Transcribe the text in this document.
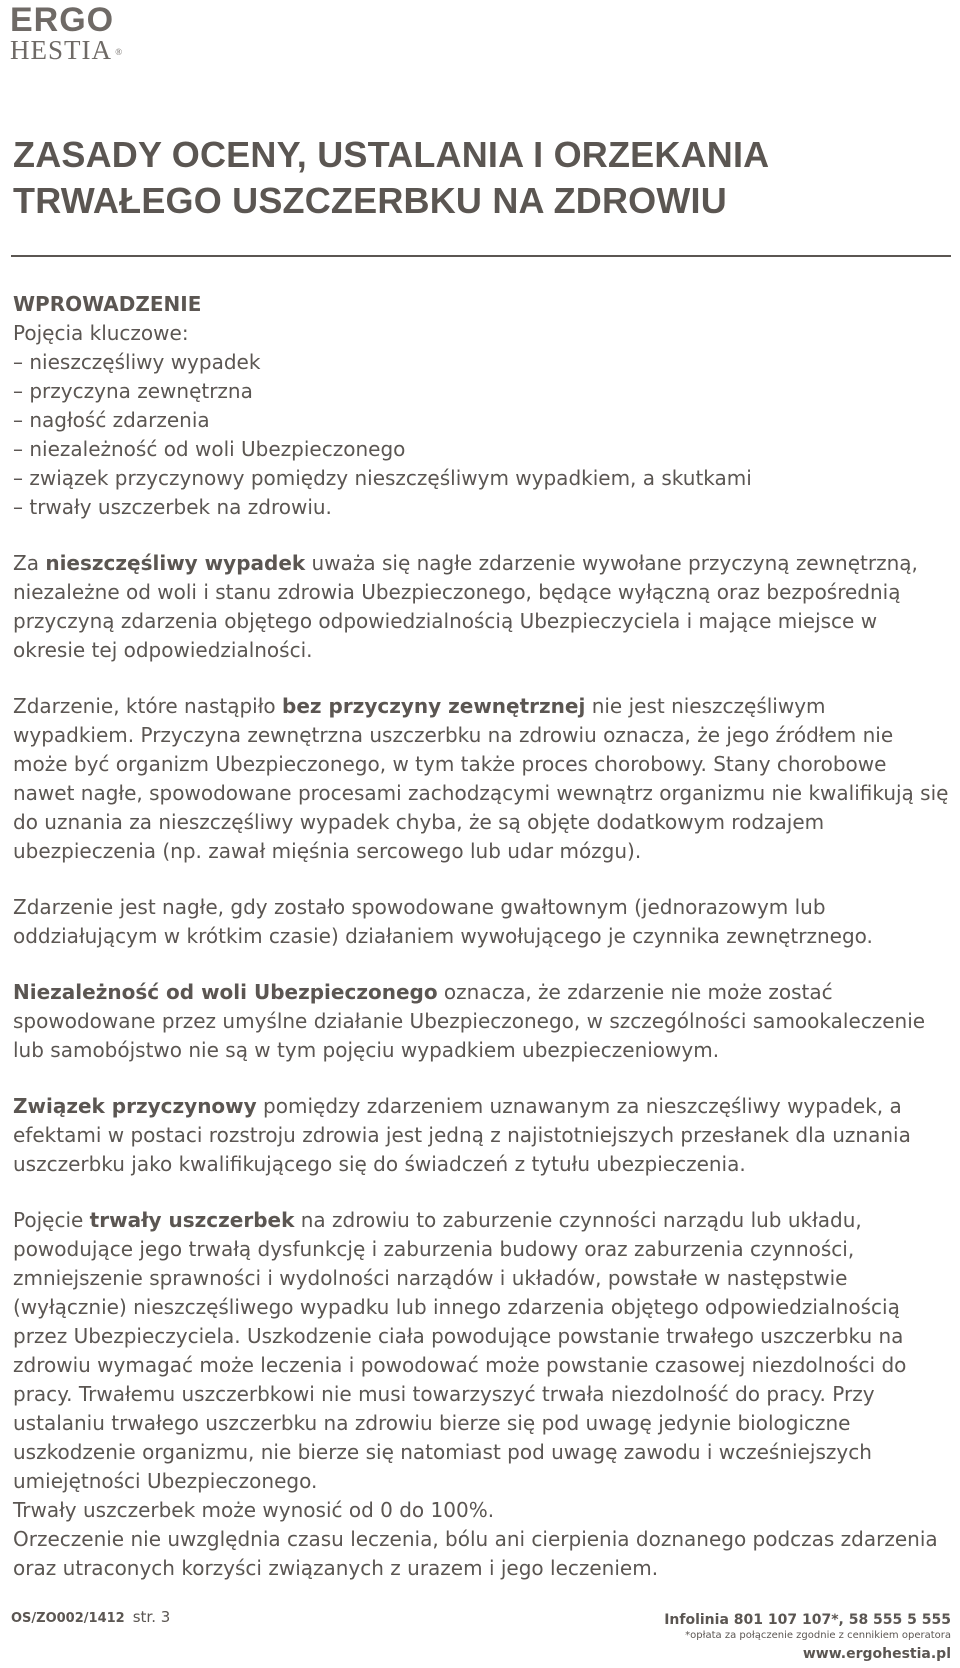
ERGO
HESTIA ®
ZASADY OCENY, USTALANIA I ORZEKANIA
TRWAŁEGO USZCZERBKU NA ZDROWIU
WPROWADZENIE
Pojęcia kluczowe:
– nieszczęśliwy wypadek
– przyczyna zewnętrzna
– nagłość zdarzenia
– niezależność od woli Ubezpieczonego
– związek przyczynowy pomiędzy nieszczęśliwym wypadkiem, a skutkami
– trwały uszczerbek na zdrowiu.

Za nieszczęśliwy wypadek uważa się nagłe zdarzenie wywołane przyczyną zewnętrzną, niezależne od woli i stanu zdrowia Ubezpieczonego, będące wyłączną oraz bezpośrednią przyczyną zdarzenia objętego odpowiedzialnością Ubezpieczyciela i mające miejsce w okresie tej odpowiedzialności.

Zdarzenie, które nastąpiło bez przyczyny zewnętrznej nie jest nieszczęśliwym wypadkiem. Przyczyna zewnętrzna uszczerbku na zdrowiu oznacza, że jego źródłem nie może być organizm Ubezpieczonego, w tym także proces chorobowy. Stany chorobowe nawet nagłe, spowodowane procesami zachodzącymi wewnątrz organizmu nie kwalifikują się do uznania za nieszczęśliwy wypadek chyba, że są objęte dodatkowym rodzajem ubezpieczenia (np. zawał mięśnia sercowego lub udar mózgu).

Zdarzenie jest nagłe, gdy zostało spowodowane gwałtownym (jednorazowym lub oddziałującym w krótkim czasie) działaniem wywołującego je czynnika zewnętrznego.

Niezależność od woli Ubezpieczonego oznacza, że zdarzenie nie może zostać spowodowane przez umyślne działanie Ubezpieczonego, w szczególności samookaleczenie lub samobójstwo nie są w tym pojęciu wypadkiem ubezpieczeniowym.

Związek przyczynowy pomiędzy zdarzeniem uznawanym za nieszczęśliwy wypadek, a efektami w postaci rozstroju zdrowia jest jedną z najistotniejszych przesłanek dla uznania uszczerbku jako kwalifikującego się do świadczeń z tytułu ubezpieczenia.

Pojęcie trwały uszczerbek na zdrowiu to zaburzenie czynności narządu lub układu, powodujące jego trwałą dysfunkcję i zaburzenia budowy oraz zaburzenia czynności, zmniejszenie sprawności i wydolności narządów i układów, powstałe w następstwie (wyłącznie) nieszczęśliwego wypadku lub innego zdarzenia objętego odpowiedzialnością przez Ubezpieczyciela. Uszkodzenie ciała powodujące powstanie trwałego uszczerbku na zdrowiu wymagać może leczenia i powodować może powstanie czasowej niezdolności do pracy. Trwałemu uszczerbkowi nie musi towarzyszyć trwała niezdolność do pracy. Przy ustalaniu trwałego uszczerbku na zdrowiu bierze się pod uwagę jedynie biologiczne uszkodzenie organizmu, nie bierze się natomiast pod uwagę zawodu i wcześniejszych umiejętności Ubezpieczonego.

Trwały uszczerbek może wynosić od 0 do 100%.

Orzeczenie nie uwzględnia czasu leczenia, bólu ani cierpienia doznanego podczas zdarzenia oraz utraconych korzyści związanych z urazem i jego leczeniem.

OS/ZO002/1412 str. 3	Infolinia 801 107 107*, 58 555 5 555
*opłata za połączenie zgodnie z cennikiem operatora
www.ergohestia.pl
